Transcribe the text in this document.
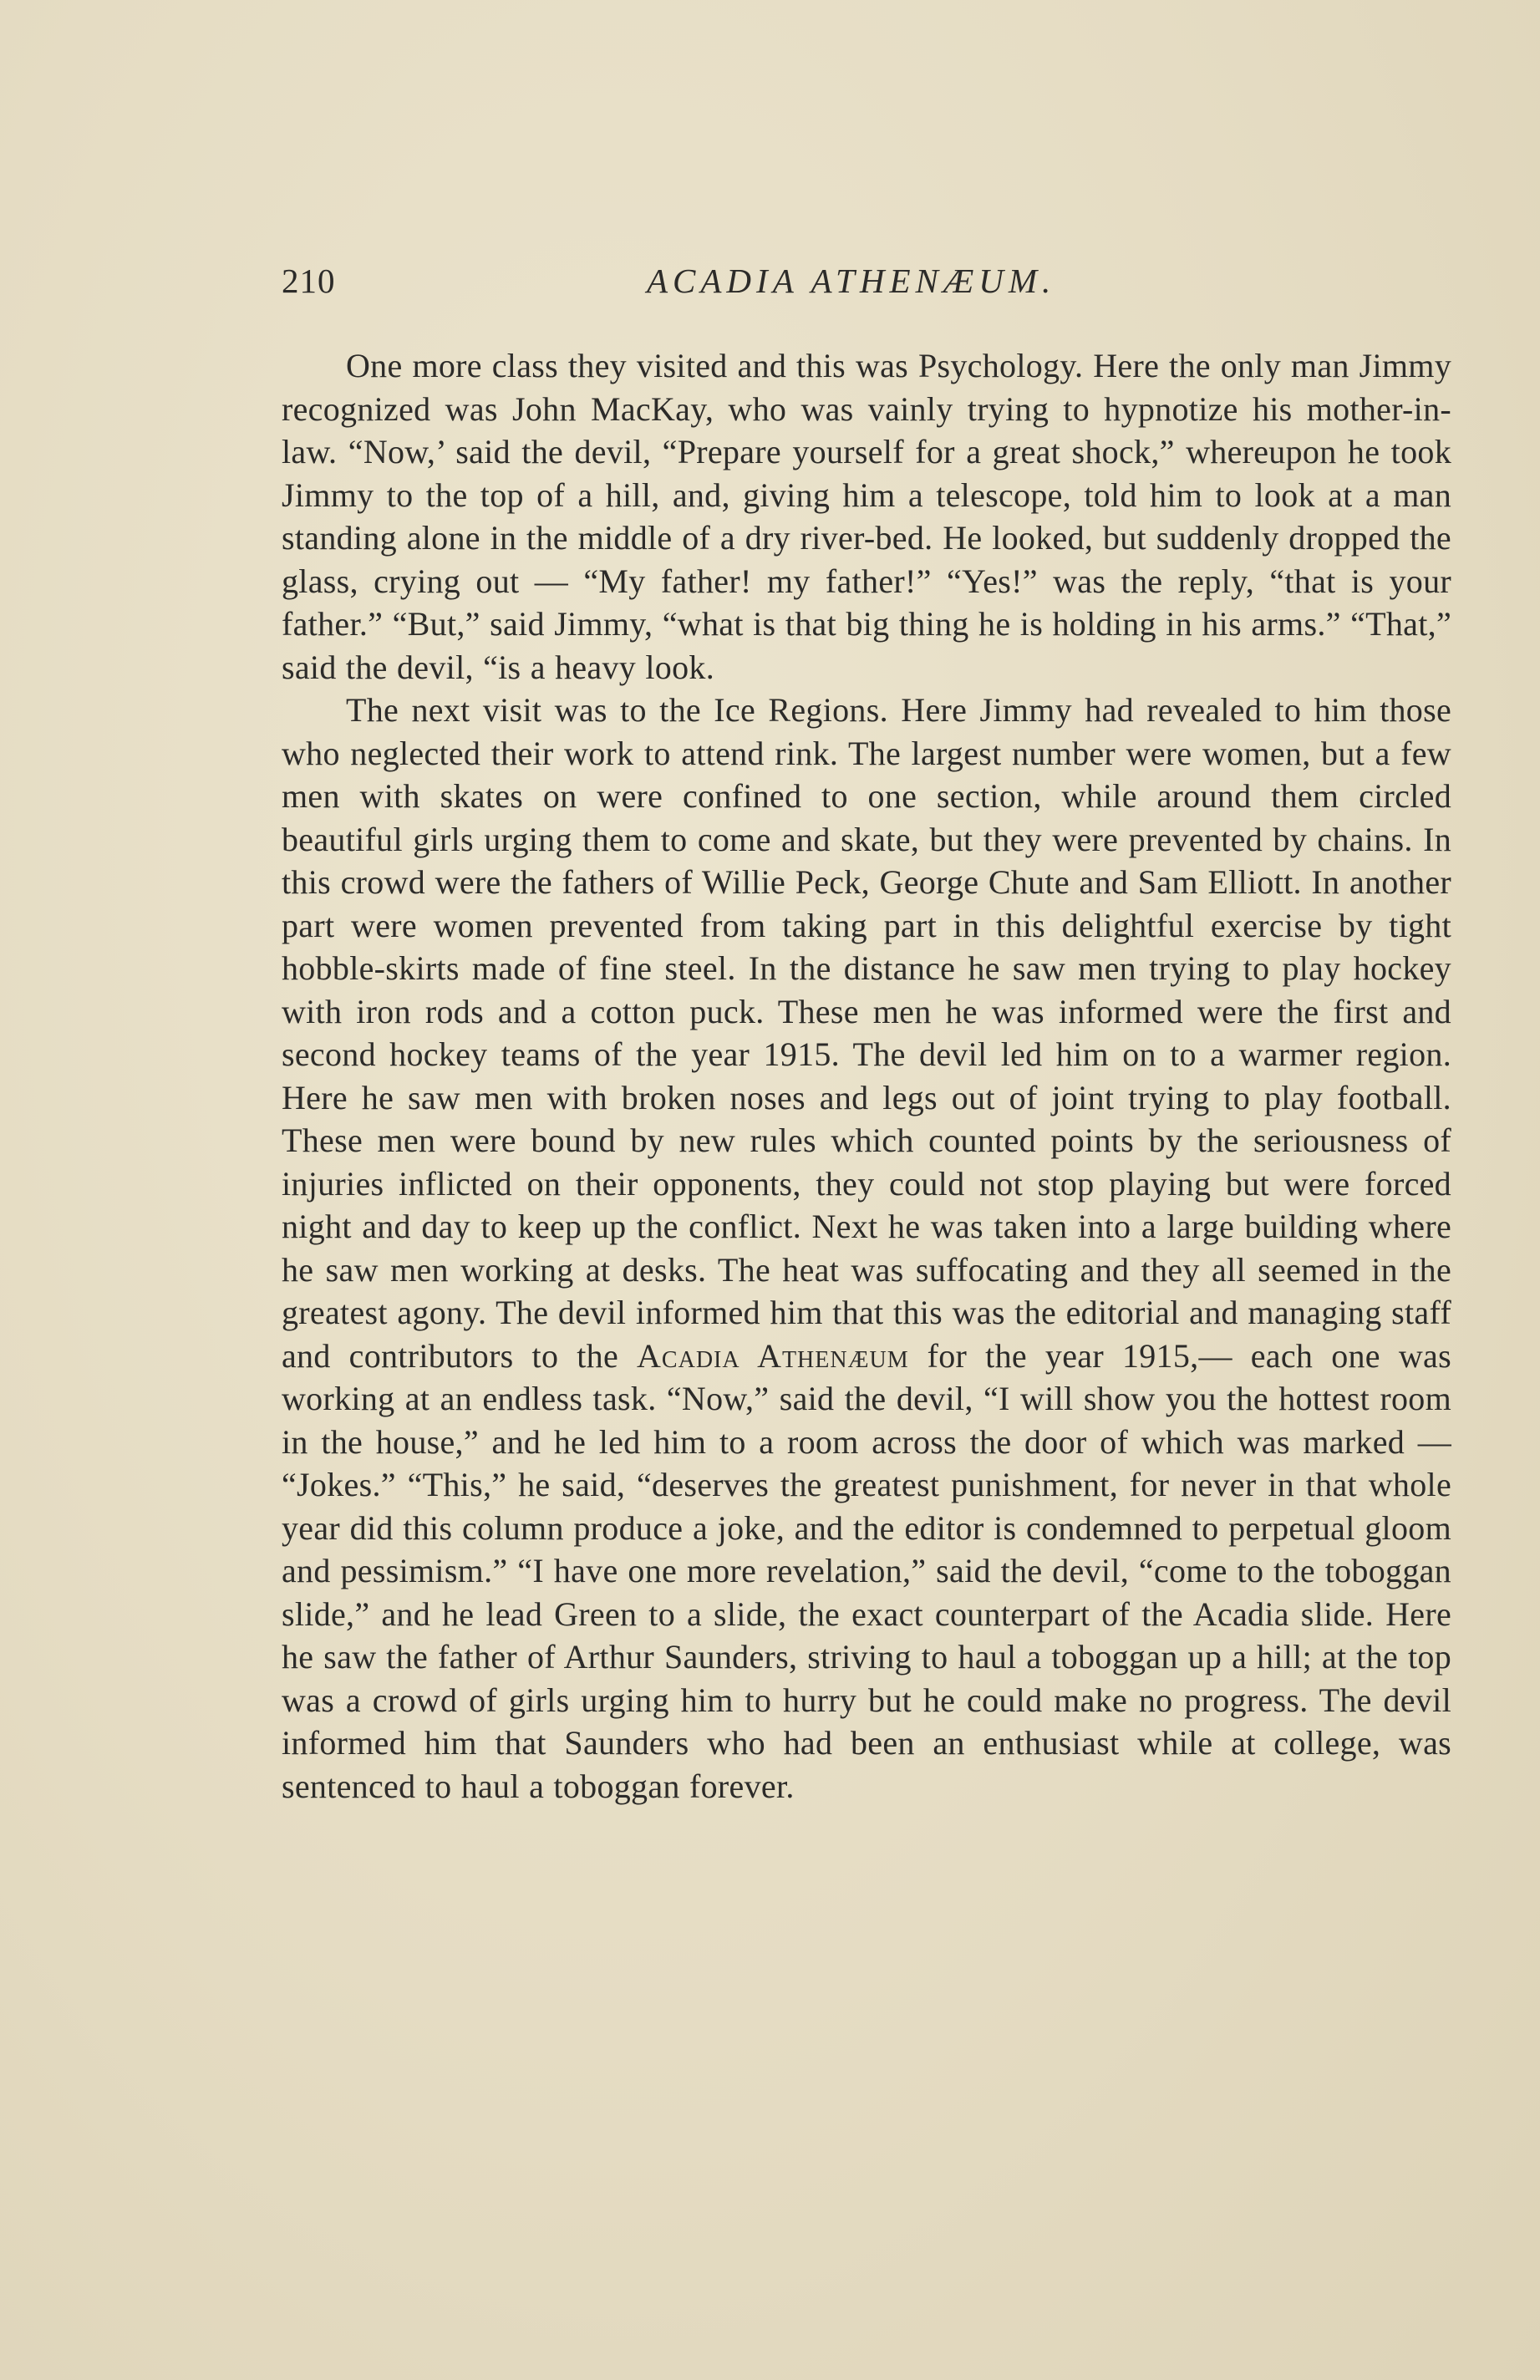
210	ACADIA ATHENÆUM.

One more class they visited and this was Psychology. Here the only man Jimmy recognized was John MacKay, who was vainly trying to hypnotize his mother-in-law. “Now,’ said the devil, “Prepare yourself for a great shock,” whereupon he took Jimmy to the top of a hill, and, giving him a telescope, told him to look at a man standing alone in the middle of a dry river-bed. He looked, but suddenly dropped the glass, crying out — “My father! my father!” “Yes!” was the reply, “that is your father.” “But,” said Jimmy, “what is that big thing he is holding in his arms.” “That,” said the devil, “is a heavy look.

The next visit was to the Ice Regions. Here Jimmy had revealed to him those who neglected their work to attend rink. The largest number were women, but a few men with skates on were confined to one section, while around them circled beautiful girls urging them to come and skate, but they were prevented by chains. In this crowd were the fathers of Willie Peck, George Chute and Sam Elliott. In another part were women prevented from taking part in this delightful exercise by tight hobble-skirts made of fine steel. In the distance he saw men trying to play hockey with iron rods and a cotton puck. These men he was informed were the first and second hockey teams of the year 1915. The devil led him on to a warmer region. Here he saw men with broken noses and legs out of joint trying to play football. These men were bound by new rules which counted points by the seriousness of injuries inflicted on their opponents, they could not stop playing but were forced night and day to keep up the conflict. Next he was taken into a large building where he saw men working at desks. The heat was suffocating and they all seemed in the greatest agony. The devil informed him that this was the editorial and managing staff and contributors to the Acadia Athenæum for the year 1915,— each one was working at an endless task. “Now,” said the devil, “I will show you the hottest room in the house,” and he led him to a room across the door of which was marked — “Jokes.” “This,” he said, “deserves the greatest punishment, for never in that whole year did this column produce a joke, and the editor is condemned to perpetual gloom and pessimism.” “I have one more revelation,” said the devil, “come to the toboggan slide,” and he lead Green to a slide, the exact counterpart of the Acadia slide. Here he saw the father of Arthur Saunders, striving to haul a toboggan up a hill; at the top was a crowd of girls urging him to hurry but he could make no progress. The devil informed him that Saunders who had been an enthusiast while at college, was sentenced to haul a toboggan forever.
